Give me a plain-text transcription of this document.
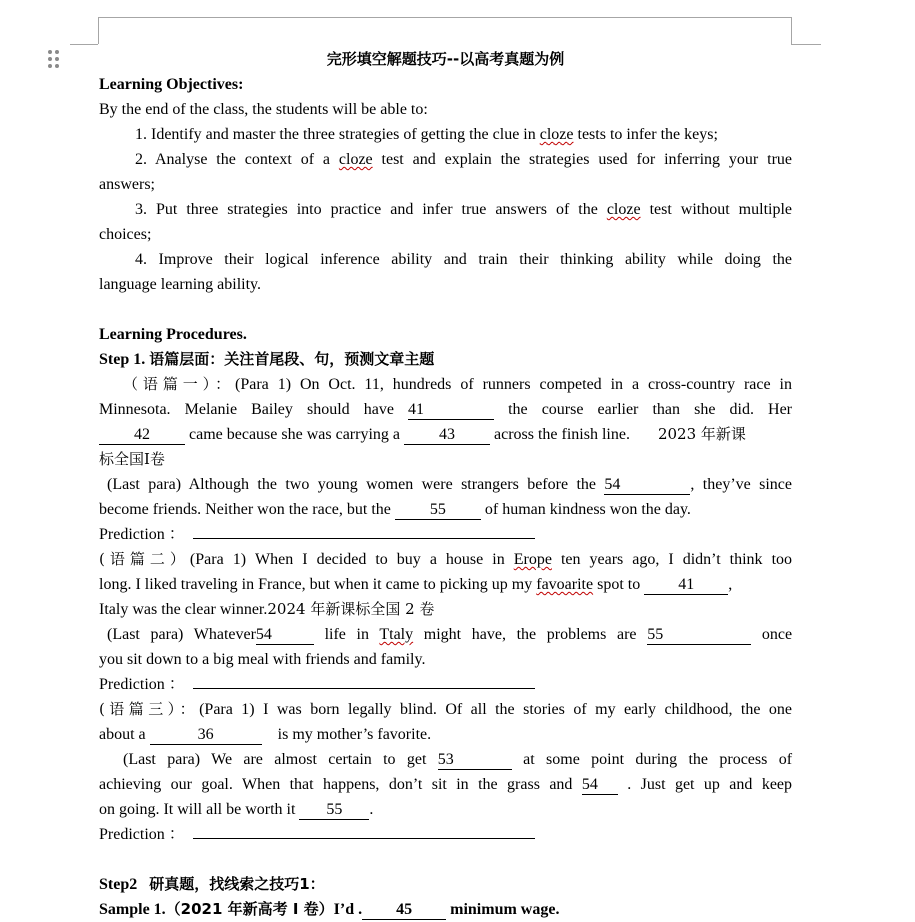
完形填空解题技巧--以高考真题为例
Learning Objectives:
By the end of the class, the students will be able to:
1. Identify and master the three strategies of getting the clue in cloze tests to infer the keys;
2. Analyse the context of a cloze test and explain the strategies used for inferring your true
answers;
3. Put three strategies into practice and infer true answers of the cloze test without multiple
choices;
4. Improve their logical inference ability and train their thinking ability while doing the
language learning ability.
Learning Procedures.
Step 1. 语篇层面：关注首尾段、句，预测文章主题
（语篇一）：(Para 1) On Oct. 11, hundreds of runners competed in a cross-country race in
Minnesota. Melanie Bailey should have 41	the course earlier than she did. Her
42 came because she was carrying a 43 across the finish line. 2023 年新课
标全国I卷
(Last para) Although the two young women were strangers before the 54	, they’ve since
become friends. Neither won the race, but the 55 of human kindness won the day.
Prediction ：
(语篇二）(Para 1) When I decided to buy a house in Erope ten years ago, I didn’t think too
long. I liked traveling in France, but when it came to picking up my favoarite spot to 41 ,
Italy was the clear winner.2024 年新课标全国 2 卷
(Last para) Whatever54	life in Ttaly might have, the problems are 55	once
you sit down to a big meal with friends and family.
Prediction ：
(语篇三）：(Para 1) I was born legally blind. Of all the stories of my early childhood, the one
about a	36	is my mother’s favorite.
(Last para) We are almost certain to get 53	at some point during the process of
achieving our goal. When that happens, don’t sit in the grass and 54 . Just get up and keep
on going. It will all be worth it 55 .
Prediction ：
Step2 研真题，找线索之技巧1：
Sample 1.（2021 年新高考 I 卷）I’d . 45 minimum wage.
